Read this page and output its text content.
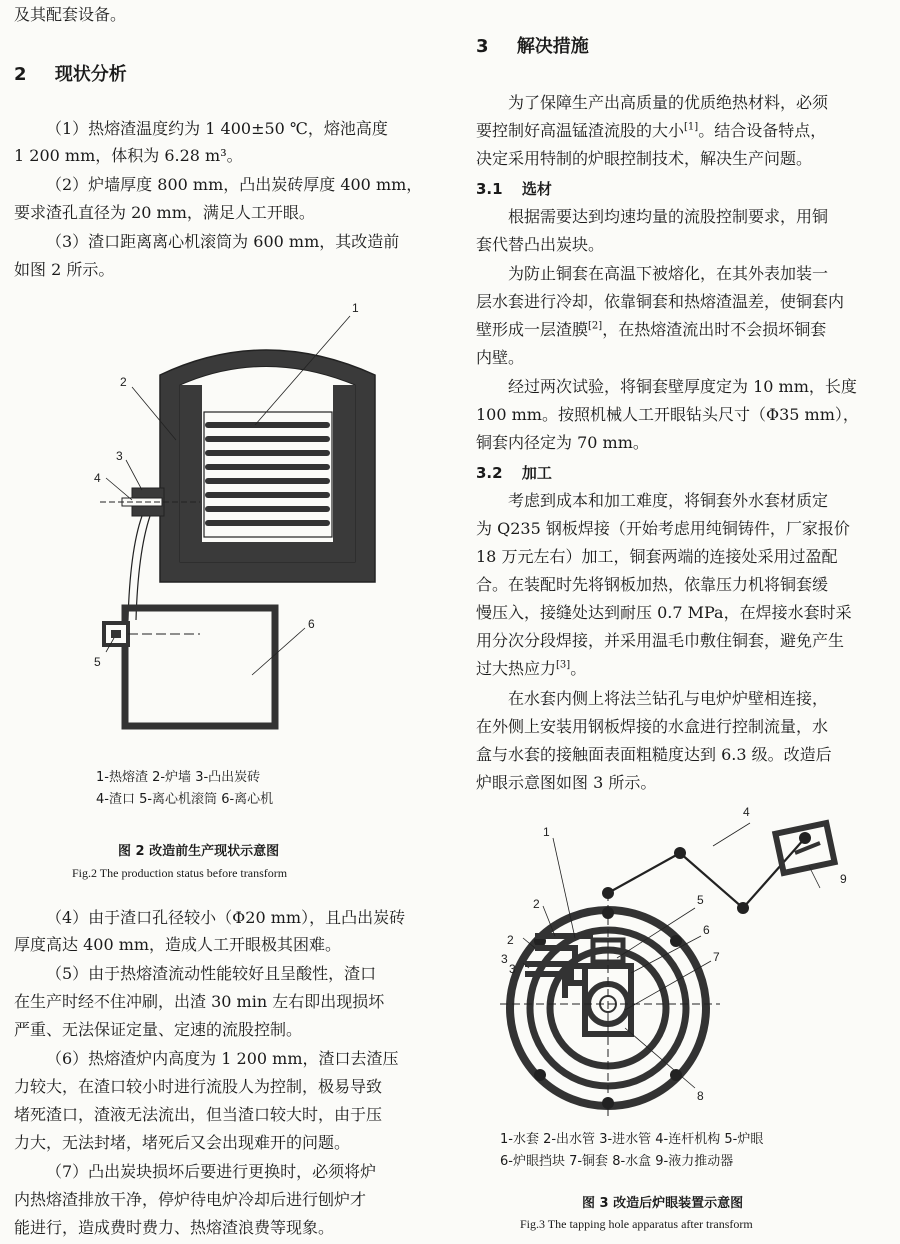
及其配套设备。
2 现状分析
（1）热熔渣温度约为 1 400±50 ℃，熔池高度
1 200 mm，体积为 6.28 m³。
（2）炉墙厚度 800 mm，凸出炭砖厚度 400 mm，
要求渣孔直径为 20 mm，满足人工开眼。
（3）渣口距离离心机滚筒为 600 mm，其改造前
如图 2 所示。
1
2
3
4
5
6
1-热熔渣 2-炉墙 3-凸出炭砖
4-渣口 5-离心机滚筒 6-离心机
图 2 改造前生产现状示意图
Fig.2 The production status before transform
（4）由于渣口孔径较小（Φ20 mm），且凸出炭砖
厚度高达 400 mm，造成人工开眼极其困难。
（5）由于热熔渣流动性能较好且呈酸性，渣口
在生产时经不住冲刷，出渣 30 min 左右即出现损坏
严重、无法保证定量、定速的流股控制。
（6）热熔渣炉内高度为 1 200 mm，渣口去渣压
力较大，在渣口较小时进行流股人为控制，极易导致
堵死渣口，渣液无法流出，但当渣口较大时，由于压
力大，无法封堵，堵死后又会出现难开的问题。
（7）凸出炭块损坏后要进行更换时，必须将炉
内热熔渣排放干净，停炉待电炉冷却后进行刨炉才
能进行，造成费时费力、热熔渣浪费等现象。
3 解决措施
为了保障生产出高质量的优质绝热材料，必须
要控制好高温锰渣流股的大小[1]。结合设备特点，
决定采用特制的炉眼控制技术，解决生产问题。
3.1 选材
根据需要达到均速均量的流股控制要求，用铜
套代替凸出炭块。
为防止铜套在高温下被熔化，在其外表加装一
层水套进行冷却，依靠铜套和热熔渣温差，使铜套内
壁形成一层渣膜[2]，在热熔渣流出时不会损坏铜套
内壁。
经过两次试验，将铜套壁厚度定为 10 mm，长度
100 mm。按照机械人工开眼钻头尺寸（Φ35 mm），
铜套内径定为 70 mm。
3.2 加工
考虑到成本和加工难度，将铜套外水套材质定
为 Q235 钢板焊接（开始考虑用纯铜铸件，厂家报价
18 万元左右）加工，铜套两端的连接处采用过盈配
合。在装配时先将钢板加热，依靠压力机将铜套缓
慢压入，接缝处达到耐压 0.7 MPa，在焊接水套时采
用分次分段焊接，并采用温毛巾敷住铜套，避免产生
过大热应力[3]。
在水套内侧上将法兰钻孔与电炉炉壁相连接，
在外侧上安装用钢板焊接的水盒进行控制流量，水
盒与水套的接触面表面粗糙度达到 6.3 级。改造后
炉眼示意图如图 3 所示。
4
1
2
2
3
3
5
6
7
8
9
1-水套 2-出水管 3-进水管 4-连杆机构 5-炉眼
6-炉眼挡块 7-铜套 8-水盒 9-液力推动器
图 3 改造后炉眼装置示意图
Fig.3 The tapping hole apparatus after transform
